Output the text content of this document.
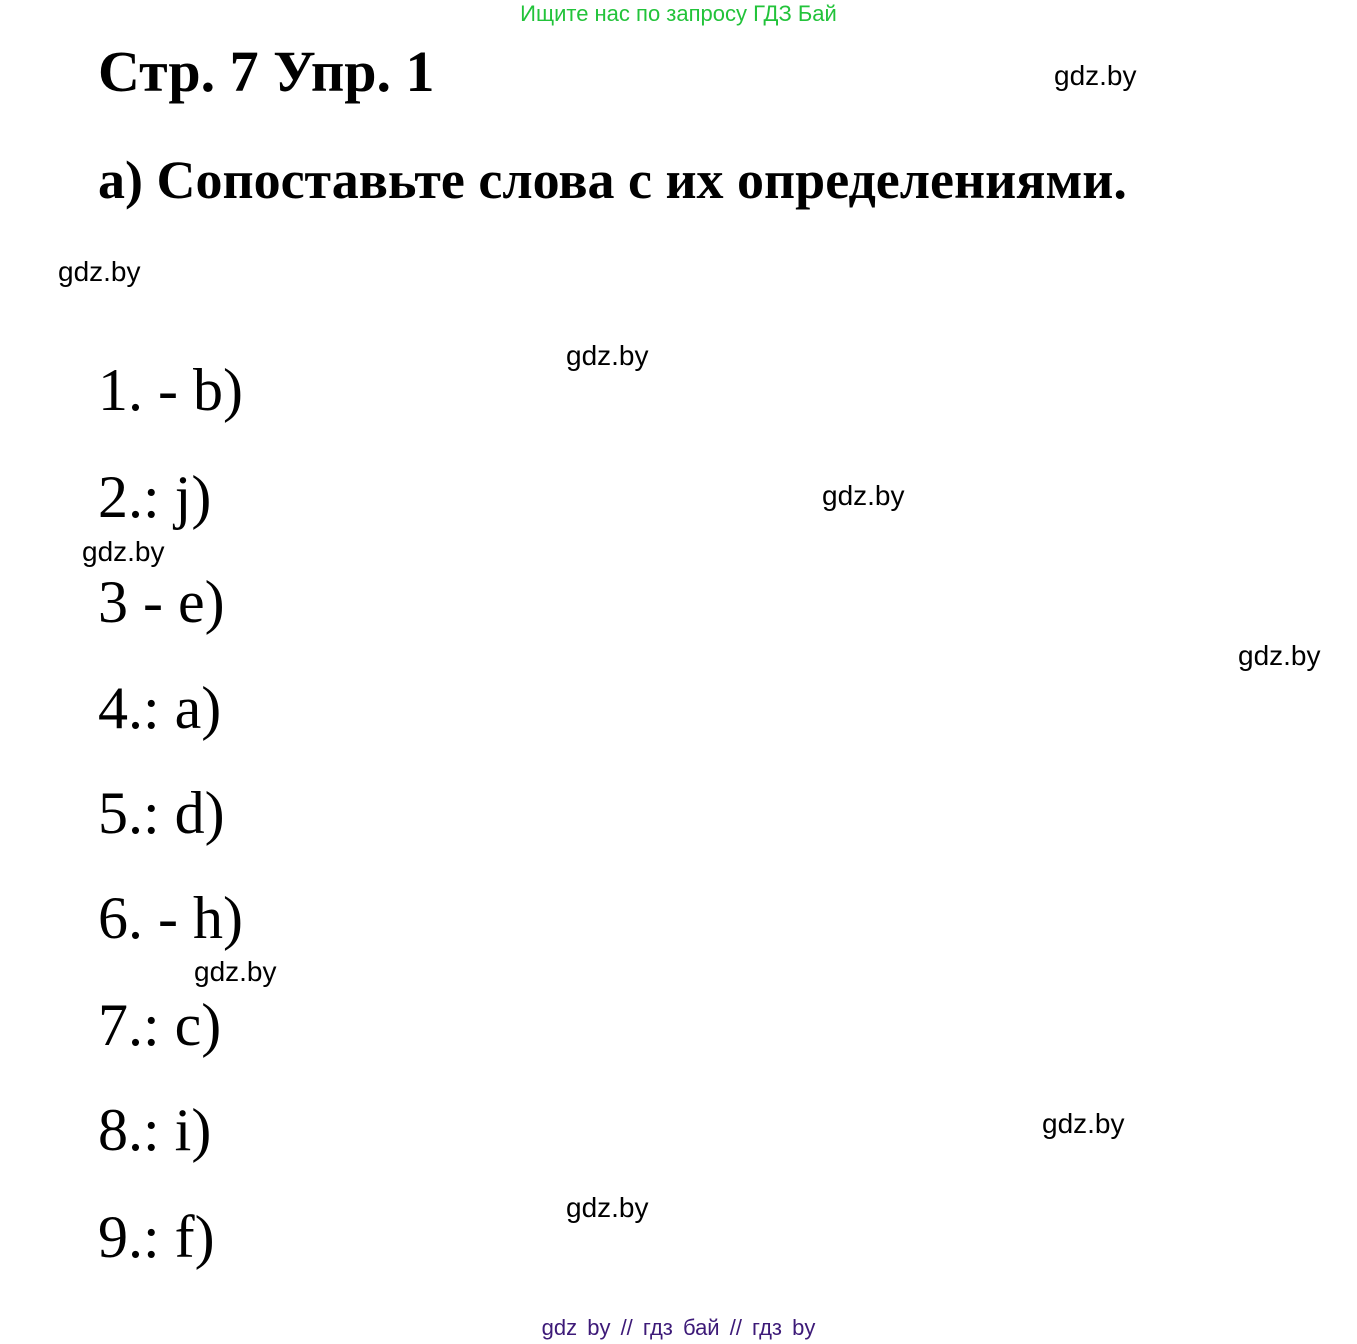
Ищите нас по запросу ГДЗ Бай
Стр. 7 Упр. 1
a) Сопоставьте слова с их определениями.
1. - b)
2.: j)
3 - e)
4.: a)
5.: d)
6. - h)
7.: c)
8.: i)
9.: f)
gdz.by
gdz.by
gdz.by
gdz.by
gdz.by
gdz.by
gdz.by
gdz.by
gdz.by
gdz by // гдз бай // гдз by
